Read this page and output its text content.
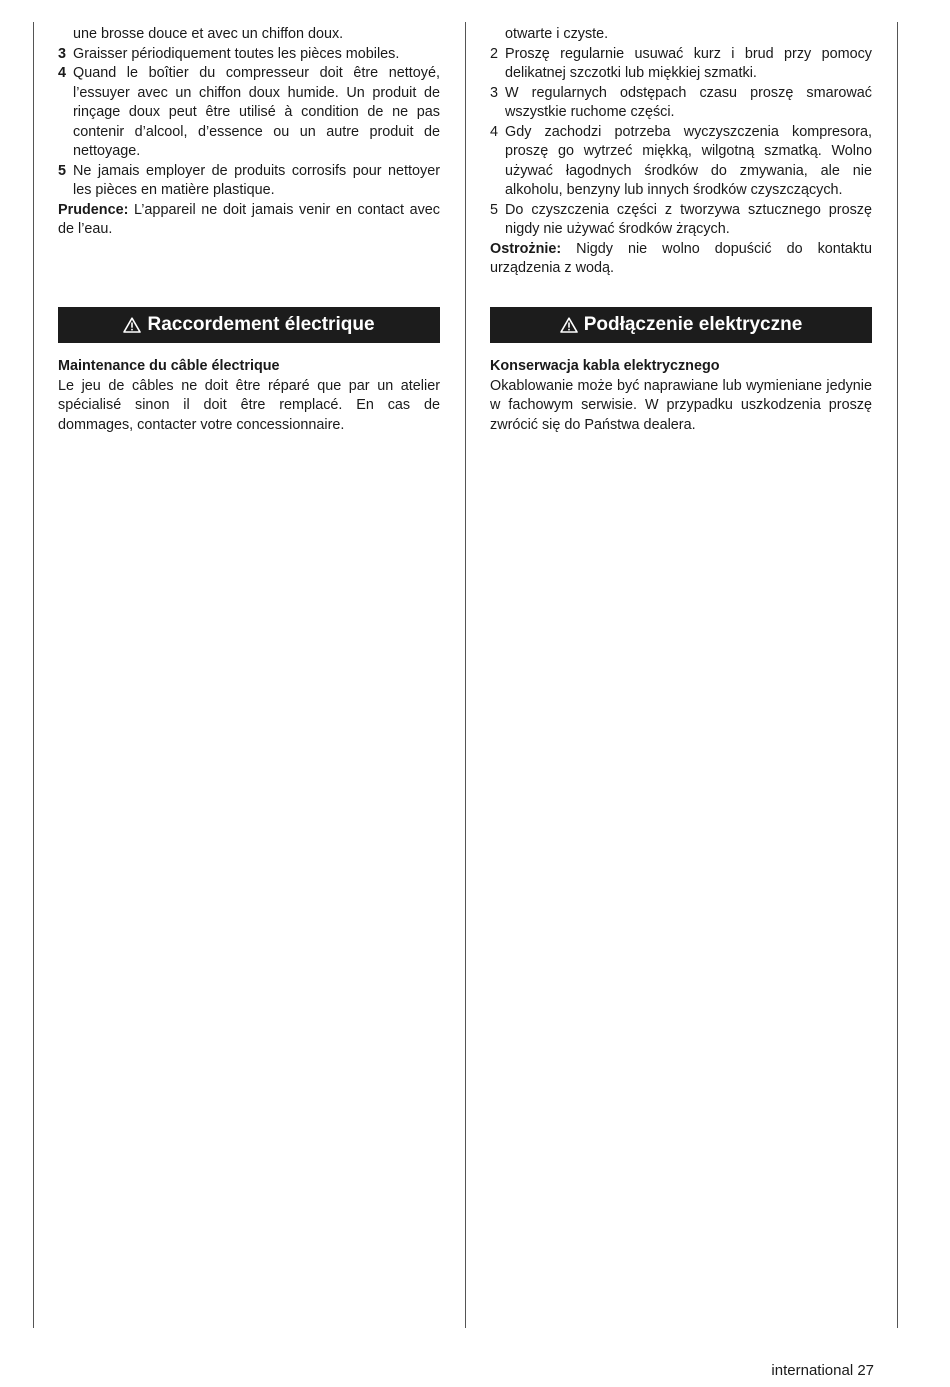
une brosse douce et avec un chiffon doux.
3 Graisser périodiquement toutes les pièces mobiles.
4 Quand le boîtier du compresseur doit être nettoyé, l’essuyer avec un chiffon doux humide. Un produit de rinçage doux peut être utilisé à condition de ne pas contenir d’alcool, d’essence ou un autre produit de nettoyage.
5 Ne jamais employer de produits corrosifs pour nettoyer les pièces en matière plastique.
Prudence: L’appareil ne doit jamais venir en contact avec de l’eau.
otwarte i czyste.
2 Proszę regularnie usuwać kurz i brud przy pomocy delikatnej szczotki lub miękkiej szmatki.
3 W regularnych odstępach czasu proszę smarować wszystkie ruchome części.
4 Gdy zachodzi potrzeba wyczyszczenia kompresora, proszę go wytrzeć miękką, wilgotną szmatką. Wolno używać łagodnych środków do zmywania, ale nie alkoholu, benzyny lub innych środków czyszczących.
5 Do czyszczenia części z tworzywa sztucznego proszę nigdy nie używać środków żrących.
Ostrożnie: Nigdy nie wolno dopuścić do kontaktu urządzenia z wodą.
Raccordement électrique	Podłączenie elektryczne
Maintenance du câble électrique
Le jeu de câbles ne doit être réparé que par un atelier spécialisé sinon il doit être remplacé. En cas de dommages, contacter votre concessionnaire.
Konserwacja kabla elektrycznego
Okablowanie może być naprawiane lub wymieniane jedynie w fachowym serwisie. W przypadku uszkodzenia proszę zwrócić się do Państwa dealera.
international 27
